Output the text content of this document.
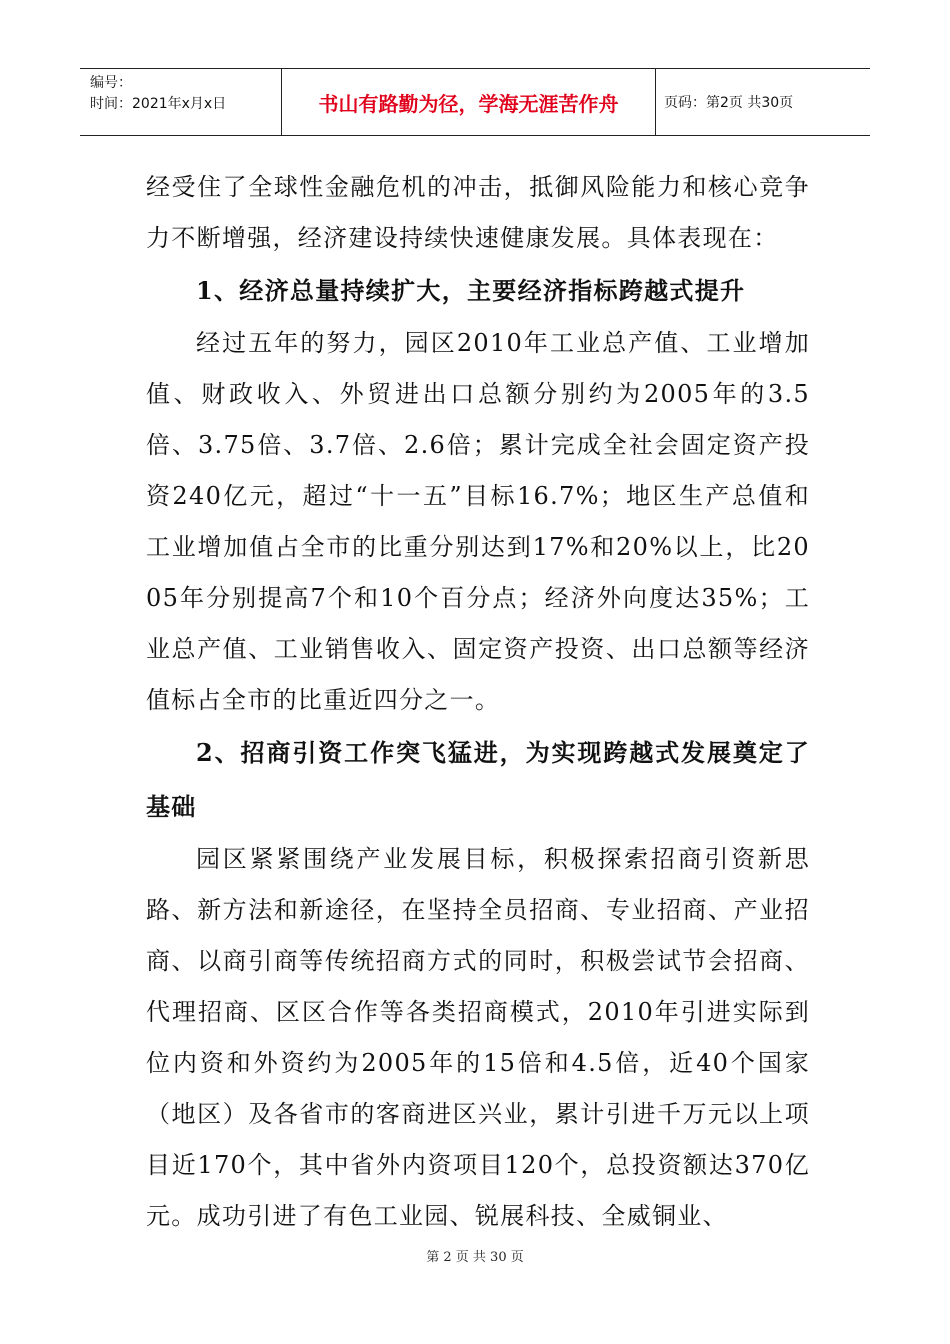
编号：
时间：2021年x月x日	书山有路勤为径，学海无涯苦作舟	页码：第2页 共30页

经受住了全球性金融危机的冲击，抵御风险能力和核心竞争力不断增强，经济建设持续快速健康发展。具体表现在：

1、经济总量持续扩大，主要经济指标跨越式提升

经过五年的努力，园区2010年工业总产值、工业增加值、财政收入、外贸进出口总额分别约为2005年的3.5倍、3.75倍、3.7倍、2.6倍；累计完成全社会固定资产投资240亿元，超过“十一五”目标16.7%；地区生产总值和工业增加值占全市的比重分别达到17%和20%以上，比2005年分别提高7个和10个百分点；经济外向度达35%；工业总产值、工业销售收入、固定资产投资、出口总额等经济值标占全市的比重近四分之一。

2、招商引资工作突飞猛进，为实现跨越式发展奠定了基础

园区紧紧围绕产业发展目标，积极探索招商引资新思路、新方法和新途径，在坚持全员招商、专业招商、产业招商、以商引商等传统招商方式的同时，积极尝试节会招商、代理招商、区区合作等各类招商模式，2010年引进实际到位内资和外资约为2005年的15倍和4.5倍，近40个国家（地区）及各省市的客商进区兴业，累计引进千万元以上项目近170个，其中省外内资项目120个，总投资额达370亿元。成功引进了有色工业园、锐展科技、全威铜业、

第 2 页 共 30 页
